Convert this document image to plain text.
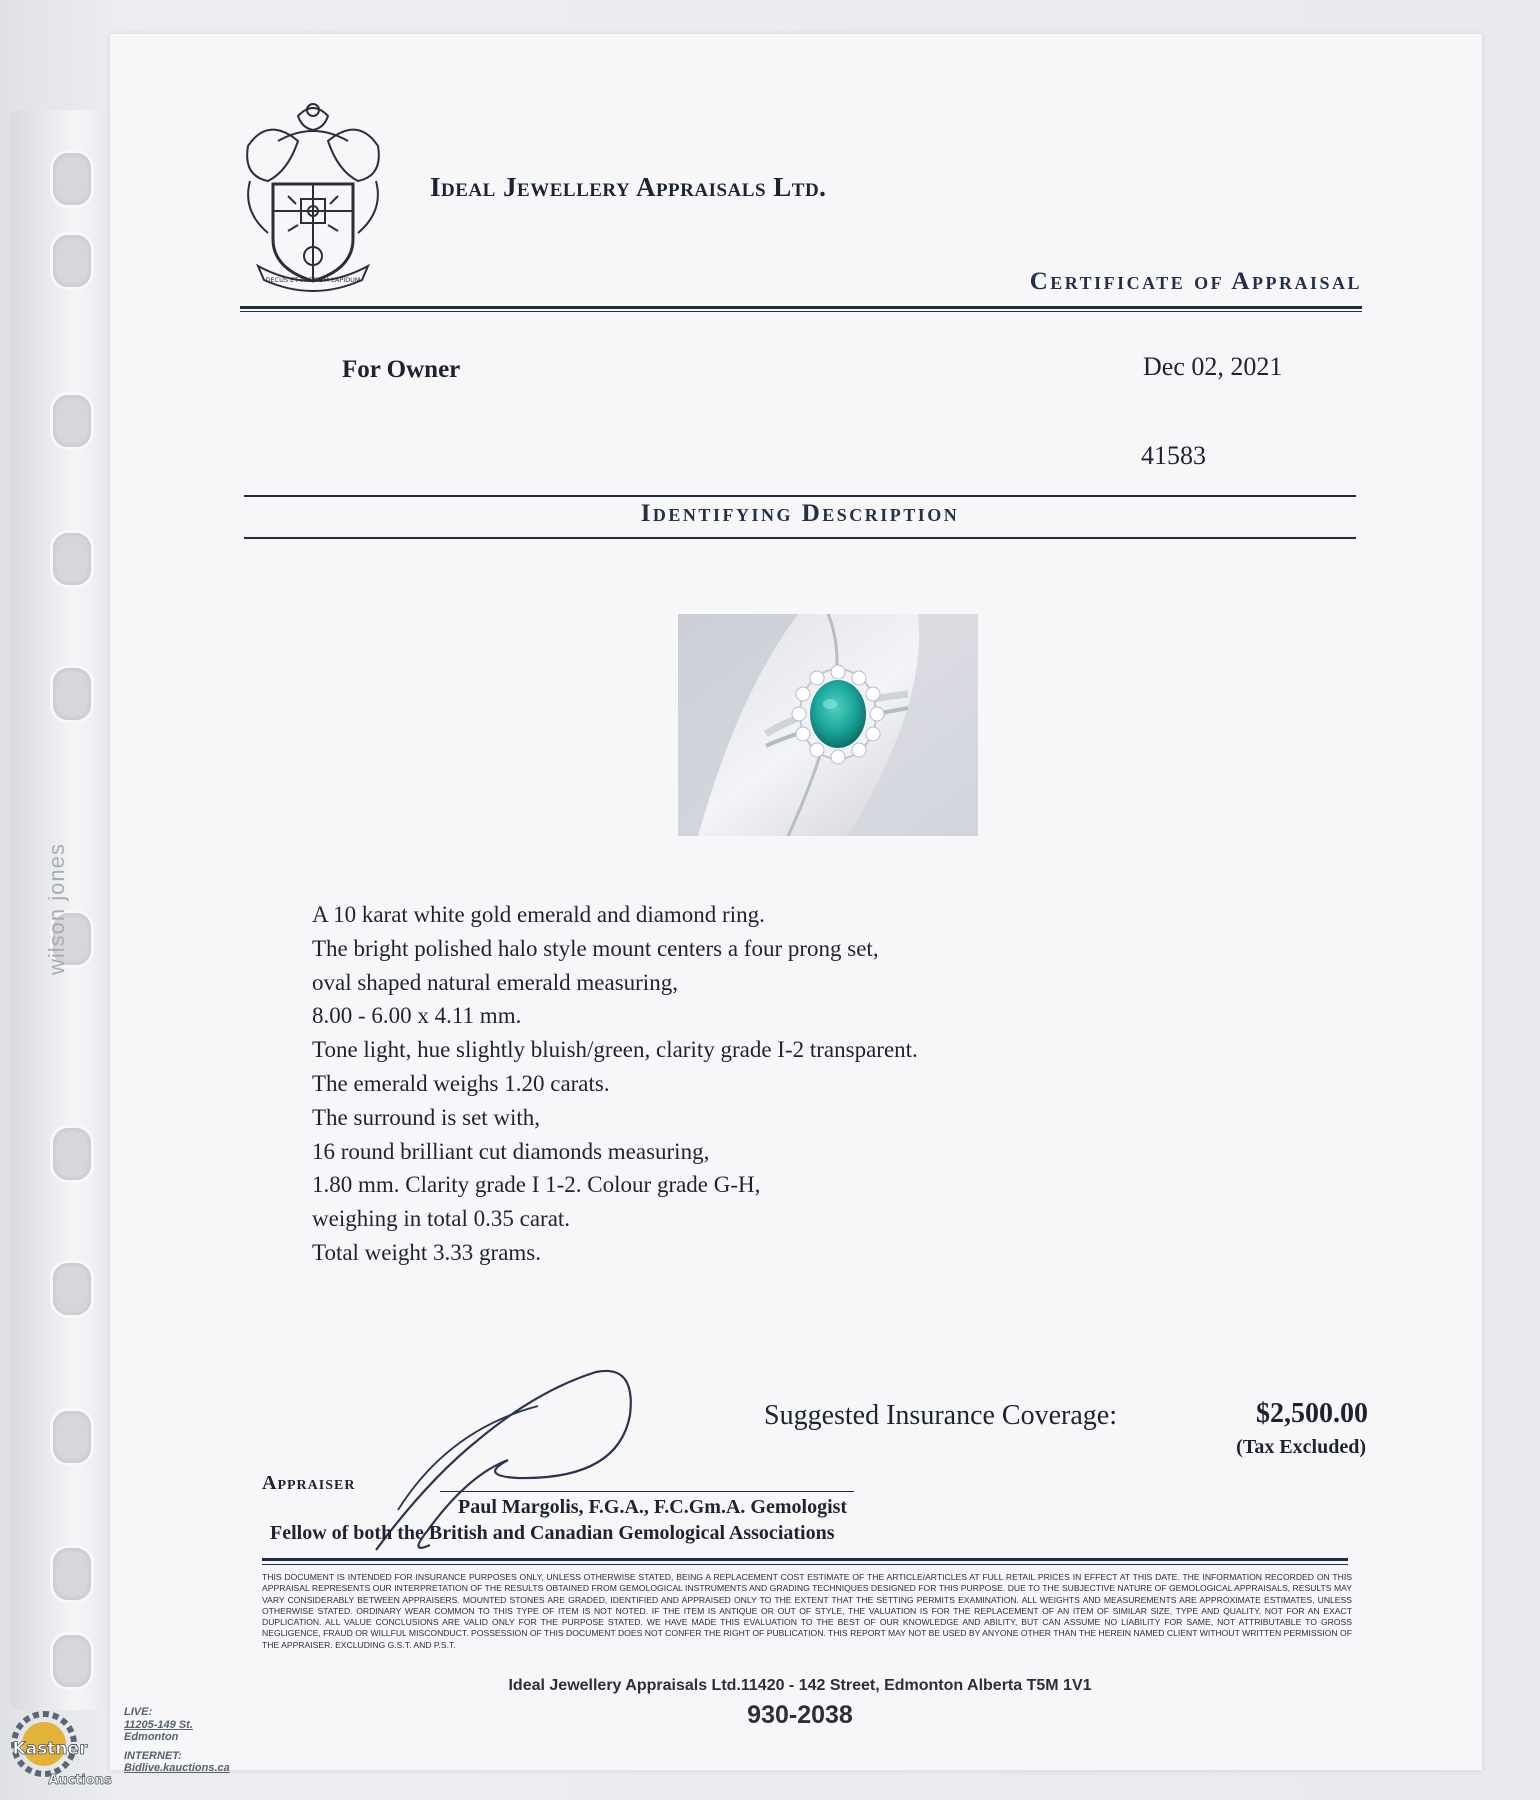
wilson jones
DECUS ET PRETIUM LAPIDUM
Ideal Jewellery Appraisals Ltd.
Certificate of Appraisal
For Owner	Dec 02, 2021
41583
Identifying Description
A 10 karat white gold emerald and diamond ring.
The bright polished halo style mount centers a four prong set,
oval shaped natural emerald measuring,
8.00 - 6.00 x 4.11 mm.
Tone light, hue slightly bluish/green, clarity grade I-2 transparent.
The emerald weighs 1.20 carats.
The surround is set with,
16 round brilliant cut diamonds measuring,
1.80 mm. Clarity grade I 1-2. Colour grade G-H,
weighing in total 0.35 carat.
Total weight 3.33 grams.
Suggested Insurance Coverage:	$2,500.00
(Tax Excluded)
Appraiser
Paul Margolis, F.G.A., F.C.Gm.A. Gemologist
Fellow of both the British and Canadian Gemological Associations
THIS DOCUMENT IS INTENDED FOR INSURANCE PURPOSES ONLY, UNLESS OTHERWISE STATED, BEING A REPLACEMENT COST ESTIMATE OF THE ARTICLE/ARTICLES AT FULL RETAIL PRICES IN EFFECT AT THIS DATE. THE INFORMATION RECORDED ON THIS APPRAISAL REPRESENTS OUR INTERPRETATION OF THE RESULTS OBTAINED FROM GEMOLOGICAL INSTRUMENTS AND GRADING TECHNIQUES DESIGNED FOR THIS PURPOSE. DUE TO THE SUBJECTIVE NATURE OF GEMOLOGICAL APPRAISALS, RESULTS MAY VARY CONSIDERABLY BETWEEN APPRAISERS. MOUNTED STONES ARE GRADED, IDENTIFIED AND APPRAISED ONLY TO THE EXTENT THAT THE SETTING PERMITS EXAMINATION. ALL WEIGHTS AND MEASUREMENTS ARE APPROXIMATE ESTIMATES, UNLESS OTHERWISE STATED. ORDINARY WEAR COMMON TO THIS TYPE OF ITEM IS NOT NOTED. IF THE ITEM IS ANTIQUE OR OUT OF STYLE, THE VALUATION IS FOR THE REPLACEMENT OF AN ITEM OF SIMILAR SIZE, TYPE AND QUALITY, NOT FOR AN EXACT DUPLICATION. ALL VALUE CONCLUSIONS ARE VALID ONLY FOR THE PURPOSE STATED. WE HAVE MADE THIS EVALUATION TO THE BEST OF OUR KNOWLEDGE AND ABILITY, BUT CAN ASSUME NO LIABILITY FOR SAME, NOT ATTRIBUTABLE TO GROSS NEGLIGENCE, FRAUD OR WILLFUL MISCONDUCT. POSSESSION OF THIS DOCUMENT DOES NOT CONFER THE RIGHT OF PUBLICATION. THIS REPORT MAY NOT BE USED BY ANYONE OTHER THAN THE HEREIN NAMED CLIENT WITHOUT WRITTEN PERMISSION OF THE APPRAISER. EXCLUDING G.S.T. AND P.S.T.
Ideal Jewellery Appraisals Ltd.11420 - 142 Street, Edmonton Alberta T5M 1V1
930-2038
Kastner
Auctions
LIVE:
11205-149 St.
Edmonton
INTERNET:
Bidlive.kauctions.ca
